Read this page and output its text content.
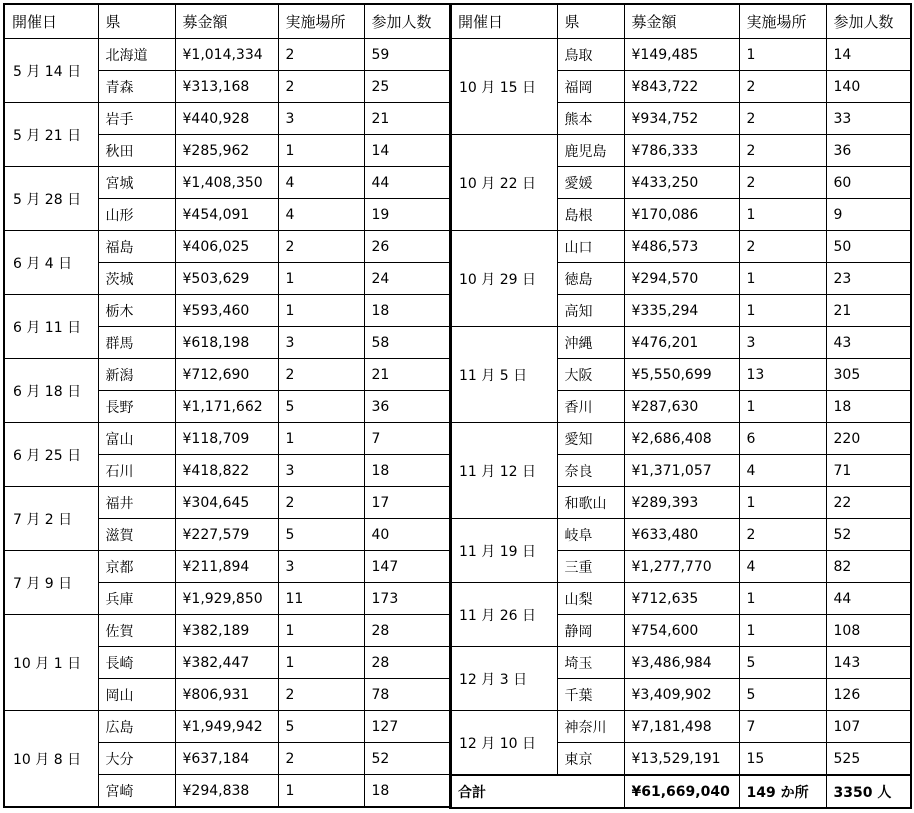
開催日	県	募金額	実施場所	参加人数
5 月 14 日	北海道	¥1,014,334	2	59
	青森	¥313,168	2	25
5 月 21 日	岩手	¥440,928	3	21
	秋田	¥285,962	1	14
5 月 28 日	宮城	¥1,408,350	4	44
	山形	¥454,091	4	19
6 月 4 日	福島	¥406,025	2	26
	茨城	¥503,629	1	24
6 月 11 日	栃木	¥593,460	1	18
	群馬	¥618,198	3	58
6 月 18 日	新潟	¥712,690	2	21
	長野	¥1,171,662	5	36
6 月 25 日	富山	¥118,709	1	7
	石川	¥418,822	3	18
7 月 2 日	福井	¥304,645	2	17
	滋賀	¥227,579	5	40
7 月 9 日	京都	¥211,894	3	147
	兵庫	¥1,929,850	11	173
10 月 1 日	佐賀	¥382,189	1	28
	長崎	¥382,447	1	28
	岡山	¥806,931	2	78
10 月 8 日	広島	¥1,949,942	5	127
	大分	¥637,184	2	52
	宮崎	¥294,838	1	18
開催日	県	募金額	実施場所	参加人数
10 月 15 日	鳥取	¥149,485	1	14
	福岡	¥843,722	2	140
	熊本	¥934,752	2	33
10 月 22 日	鹿児島	¥786,333	2	36
	愛媛	¥433,250	2	60
	島根	¥170,086	1	9
10 月 29 日	山口	¥486,573	2	50
	徳島	¥294,570	1	23
	高知	¥335,294	1	21
11 月 5 日	沖縄	¥476,201	3	43
	大阪	¥5,550,699	13	305
	香川	¥287,630	1	18
11 月 12 日	愛知	¥2,686,408	6	220
	奈良	¥1,371,057	4	71
	和歌山	¥289,393	1	22
11 月 19 日	岐阜	¥633,480	2	52
	三重	¥1,277,770	4	82
11 月 26 日	山梨	¥712,635	1	44
	静岡	¥754,600	1	108
12 月 3 日	埼玉	¥3,486,984	5	143
	千葉	¥3,409,902	5	126
12 月 10 日	神奈川	¥7,181,498	7	107
	東京	¥13,529,191	15	525
合計		¥61,669,040	149 か所	3350 人
